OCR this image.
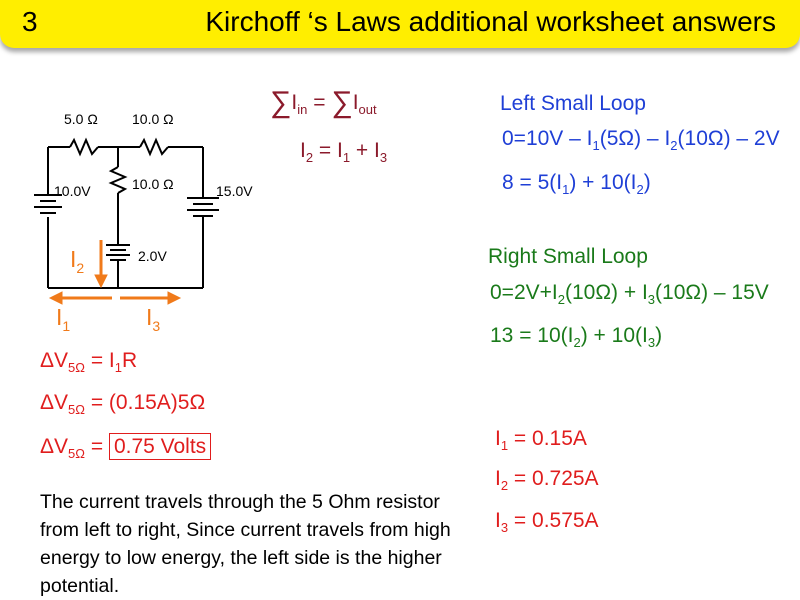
3	Kirchoff ‘s Laws additional worksheet answers
5.0 Ω 10.0 Ω
10.0 Ω
10.0V	15.0V
2.0V
$I_2$
$I_1$	$I_3$
$\sum I_{in} = \sum I_{out}$
$I_2 = I_1 + I_3$
Left Small Loop
$0=10V - I_1(5\Omega) - I_2(10\Omega) - 2V$
$8 = 5(I_1) + 10(I_2)$
Right Small Loop
$0=2V+I_2(10\Omega) + I_3(10\Omega) - 15V$
$13 = 10(I_2) + 10(I_3)$
$\Delta V_{5\Omega} = I_1R$
$\Delta V_{5\Omega} = (0.15A)5\Omega$
$\Delta V_{5\Omega} = 0.75$ Volts	$I_1 = 0.15A$
$I_2 = 0.725A$
$I_3 = 0.575A$
The current travels through the 5 Ohm resistor from left to right, Since current travels from high energy to low energy, the left side is the higher potential.
